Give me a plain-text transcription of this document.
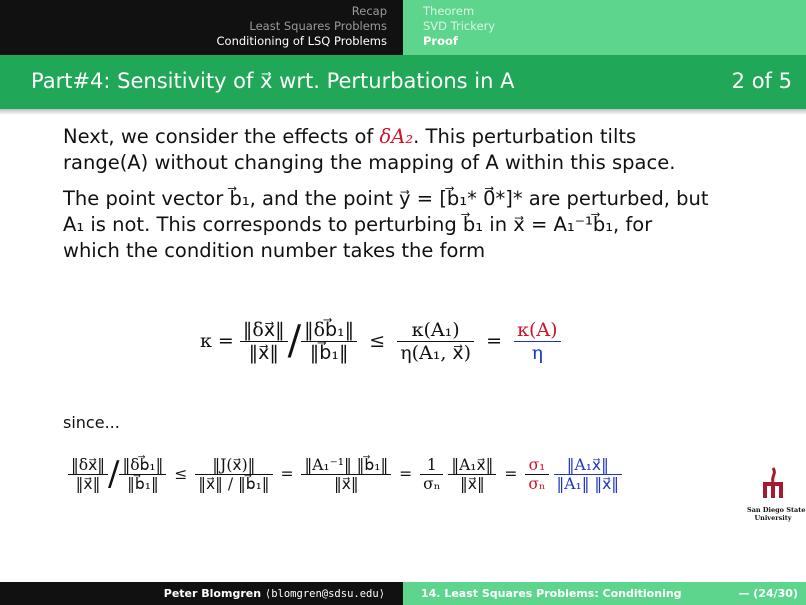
Recap
Least Squares Problems
Conditioning of LSQ Problems
Theorem
SVD Trickery
Proof
Part#4: Sensitivity of x⃗ wrt. Perturbations in A	2 of 5

Next, we consider the effects of δA₂. This perturbation tilts
range(A) without changing the mapping of A within this space.

The point vector b⃗₁, and the point y⃗ = [b⃗₁* 0⃗*]* are perturbed, but
A₁ is not. This corresponds to perturbing b⃗₁ in x⃗ = A₁⁻¹b⃗₁, for
which the condition number takes the form

$\kappa = \frac{‖\delta x⃗‖}{‖x⃗‖} / \frac{\text{‖δb⃗₁‖}}{\text{‖b⃗₁‖}} \le \frac{\text{κ(A₁)}}{\text{η(A₁, x⃗)}} = \frac{\kappa(A)}{\eta}$
since...
$\frac{‖\delta x⃗‖}{‖x⃗‖} / \frac{\text{‖δb⃗₁‖}}{\text{‖b⃗₁‖}} \le \frac{‖J(x⃗)‖}{\text{‖x⃗‖ / ‖b⃗₁‖}} = \frac{\text{‖A₁⁻¹‖ ‖b⃗₁‖}}{‖x⃗‖} = \frac{1}{\text{σₙ}}$
$\frac{\text{‖A₁x⃗‖}}{‖x⃗‖} = \frac{\text{σ₁}}{\text{σₙ}}$
$\frac{\text{‖A₁x⃗‖}}{\text{‖A₁‖ ‖x⃗‖}}$
San Diego State
University
Peter Blomgren
⟨blomgren@sdsu.edu⟩	14. Least Squares Problems: Conditioning	— (24/30)
